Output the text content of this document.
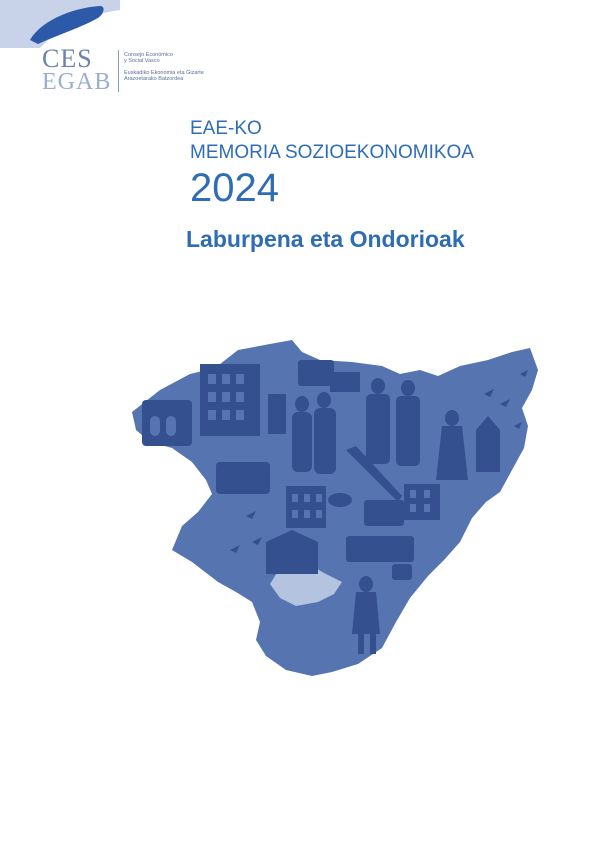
CES
EGAB
Consejo Económico
y Social Vasco
Euskadiko Ekonomia eta Gizarte
Arazoetarako Batzordea
EAE-KO
MEMORIA SOZIOEKONOMIKOA
2024
Laburpena eta Ondorioak
